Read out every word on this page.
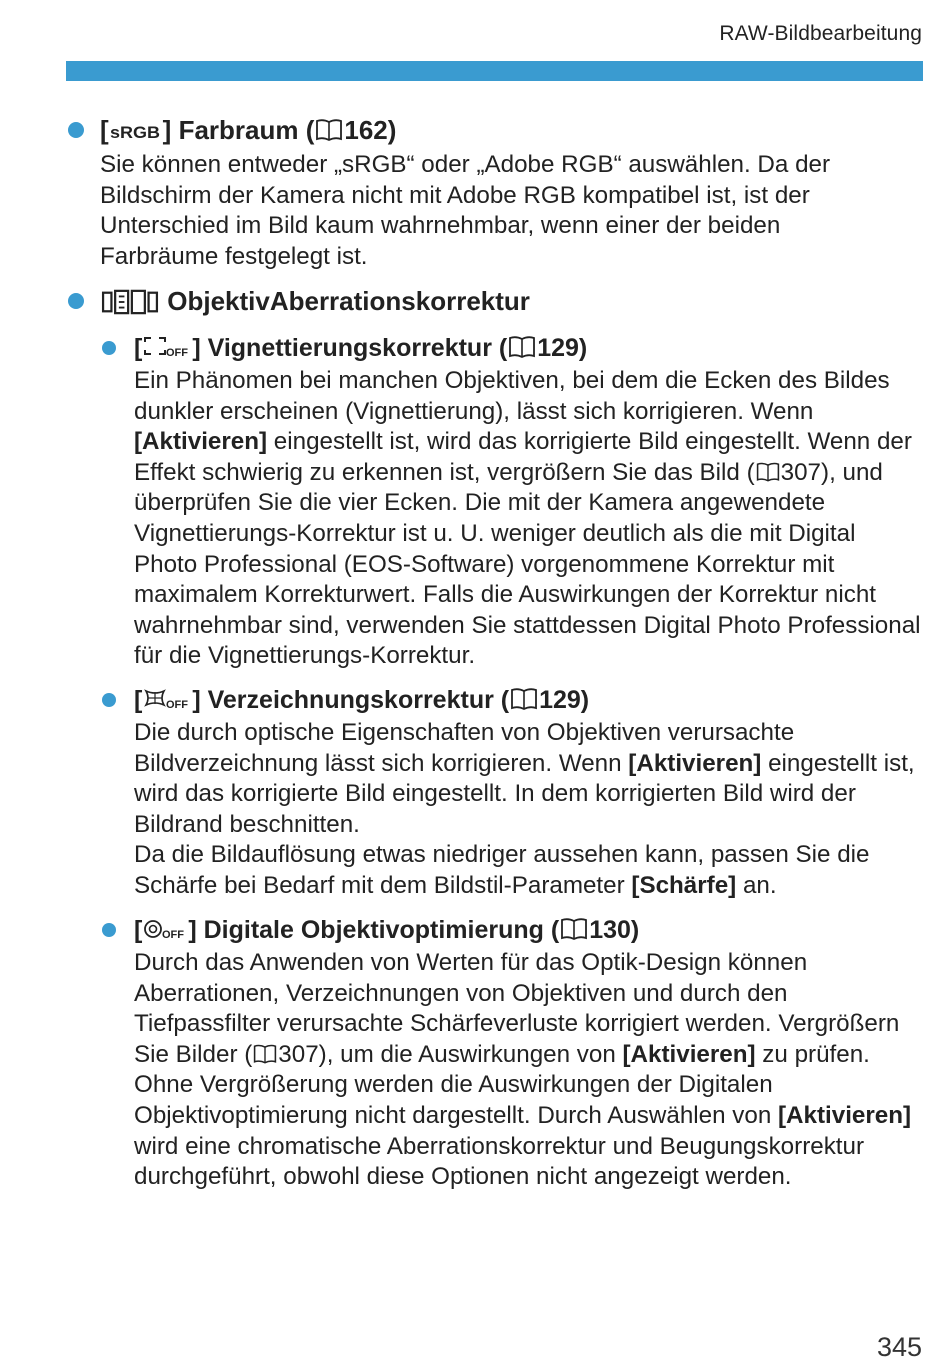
RAW-Bildbearbeitung
[ sRGB ] Farbraum ( 162)
Sie können entweder „sRGB“ oder „Adobe RGB“ auswählen. Da der Bildschirm der Kamera nicht mit Adobe RGB kompatibel ist, ist der Unterschied im Bild kaum wahrnehmbar, wenn einer der beiden Farbräume festgelegt ist.
ObjektivAberrationskorrektur
[ OFF ] Vignettierungskorrektur ( 129)
Ein Phänomen bei manchen Objektiven, bei dem die Ecken des Bildes dunkler erscheinen (Vignettierung), lässt sich korrigieren. Wenn [Aktivieren] eingestellt ist, wird das korrigierte Bild eingestellt. Wenn der Effekt schwierig zu erkennen ist, vergrößern Sie das Bild ( 307), und überprüfen Sie die vier Ecken. Die mit der Kamera angewendete Vignettierungs-Korrektur ist u. U. weniger deutlich als die mit Digital Photo Professional (EOS-Software) vorgenommene Korrektur mit maximalem Korrekturwert. Falls die Auswirkungen der Korrektur nicht wahrnehmbar sind, verwenden Sie stattdessen Digital Photo Professional für die Vignettierungs-Korrektur.
[ OFF ] Verzeichnungskorrektur ( 129)
Die durch optische Eigenschaften von Objektiven verursachte Bildverzeichnung lässt sich korrigieren. Wenn [Aktivieren] eingestellt ist, wird das korrigierte Bild eingestellt. In dem korrigierten Bild wird der Bildrand beschnitten.
Da die Bildauflösung etwas niedriger aussehen kann, passen Sie die Schärfe bei Bedarf mit dem Bildstil-Parameter [Schärfe] an.
[ OFF ] Digitale Objektivoptimierung ( 130)
Durch das Anwenden von Werten für das Optik-Design können Aberrationen, Verzeichnungen von Objektiven und durch den Tiefpassfilter verursachte Schärfeverluste korrigiert werden. Vergrößern Sie Bilder ( 307), um die Auswirkungen von [Aktivieren] zu prüfen. Ohne Vergrößerung werden die Auswirkungen der Digitalen Objektivoptimierung nicht dargestellt. Durch Auswählen von [Aktivieren] wird eine chromatische Aberrationskorrektur und Beugungskorrektur durchgeführt, obwohl diese Optionen nicht angezeigt werden.
345
